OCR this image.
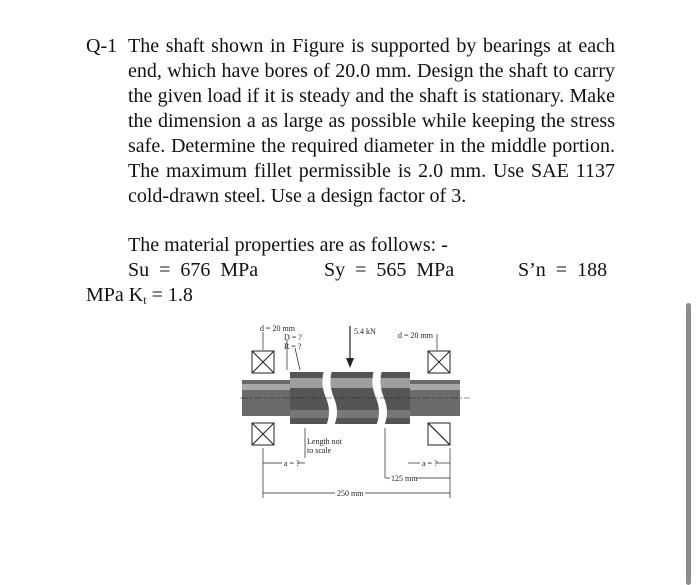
Q-1 The shaft shown in Figure is supported by bearings at each end, which have bores of 20.0 mm. Design the shaft to carry the given load if it is steady and the shaft is stationary. Make the dimension a as large as possible while keeping the stress safe. Determine the required diameter in the middle portion. The maximum fillet permissible is 2.0 mm. Use SAE 1137 cold-drawn steel. Use a design factor of 3.
The material properties are as follows: -
Su  =  676  MPa	Sy  =  565  MPa	S’n  =  188
MPa $K_t = 1.8$
d = 20 mm
D = ?
R = ?
5.4 kN	d = 20 mm
Length not
to scale
a = ?	a = ?
125 mm
250 mm
